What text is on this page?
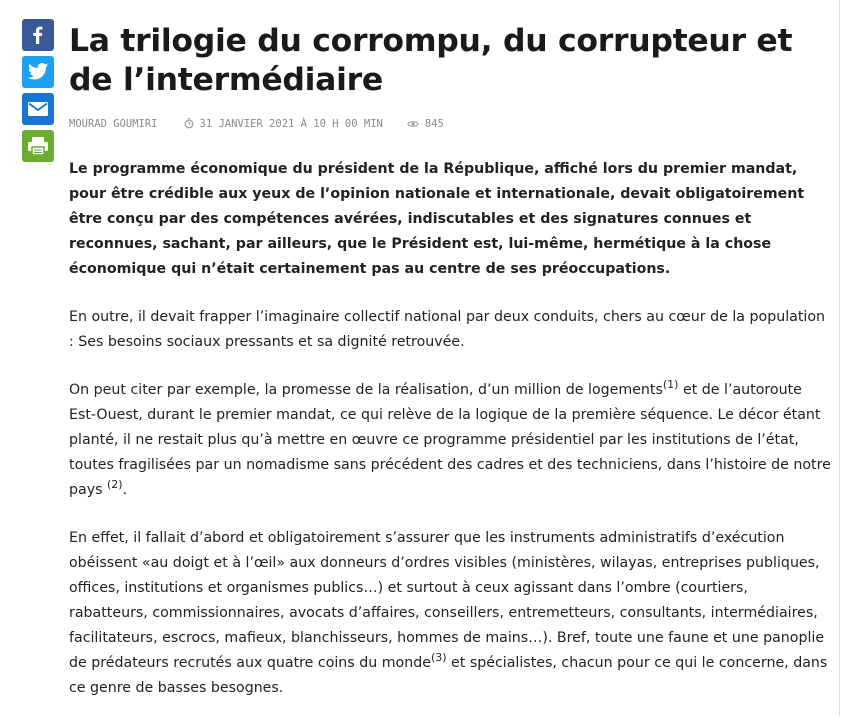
La trilogie du corrompu, du corrupteur et de l’intermédiaire
MOURAD GOUMIRI	31 JANVIER 2021 À 10 H 00 MIN	845

Le programme économique du président de la République, affiché lors du premier mandat, pour être crédible aux yeux de l’opinion nationale et internationale, devait obligatoirement être conçu par des compétences avérées, indiscutables et des signatures connues et reconnues, sachant, par ailleurs, que le Président est, lui-même, hermétique à la chose économique qui n’était certainement pas au centre de ses préoccupations.

En outre, il devait frapper l’imaginaire collectif national par deux conduits, chers au cœur de la population : Ses besoins sociaux pressants et sa dignité retrouvée.

On peut citer par exemple, la promesse de la réalisation, d’un million de logements$^{(1)}$ et de l’autoroute Est-Ouest, durant le premier mandat, ce qui relève de la logique de la première séquence. Le décor étant planté, il ne restait plus qu’à mettre en œuvre ce programme présidentiel par les institutions de l’état, toutes fragilisées par un nomadisme sans précédent des cadres et des techniciens, dans l’histoire de notre pays $^{(2)}$.

En effet, il fallait d’abord et obligatoirement s’assurer que les instruments administratifs d’exécution obéissent «au doigt et à l’œil» aux donneurs d’ordres visibles (ministères, wilayas, entreprises publiques, offices, institutions et organismes publics…) et surtout à ceux agissant dans l’ombre (courtiers, rabatteurs, commissionnaires, avocats d’affaires, conseillers, entremetteurs, consultants, intermédiaires, facilitateurs, escrocs, mafieux, blanchisseurs, hommes de mains…). Bref, toute une faune et une panoplie de prédateurs recrutés aux quatre coins du monde$^{(3)}$ et spécialistes, chacun pour ce qui le concerne, dans ce genre de basses besognes.
